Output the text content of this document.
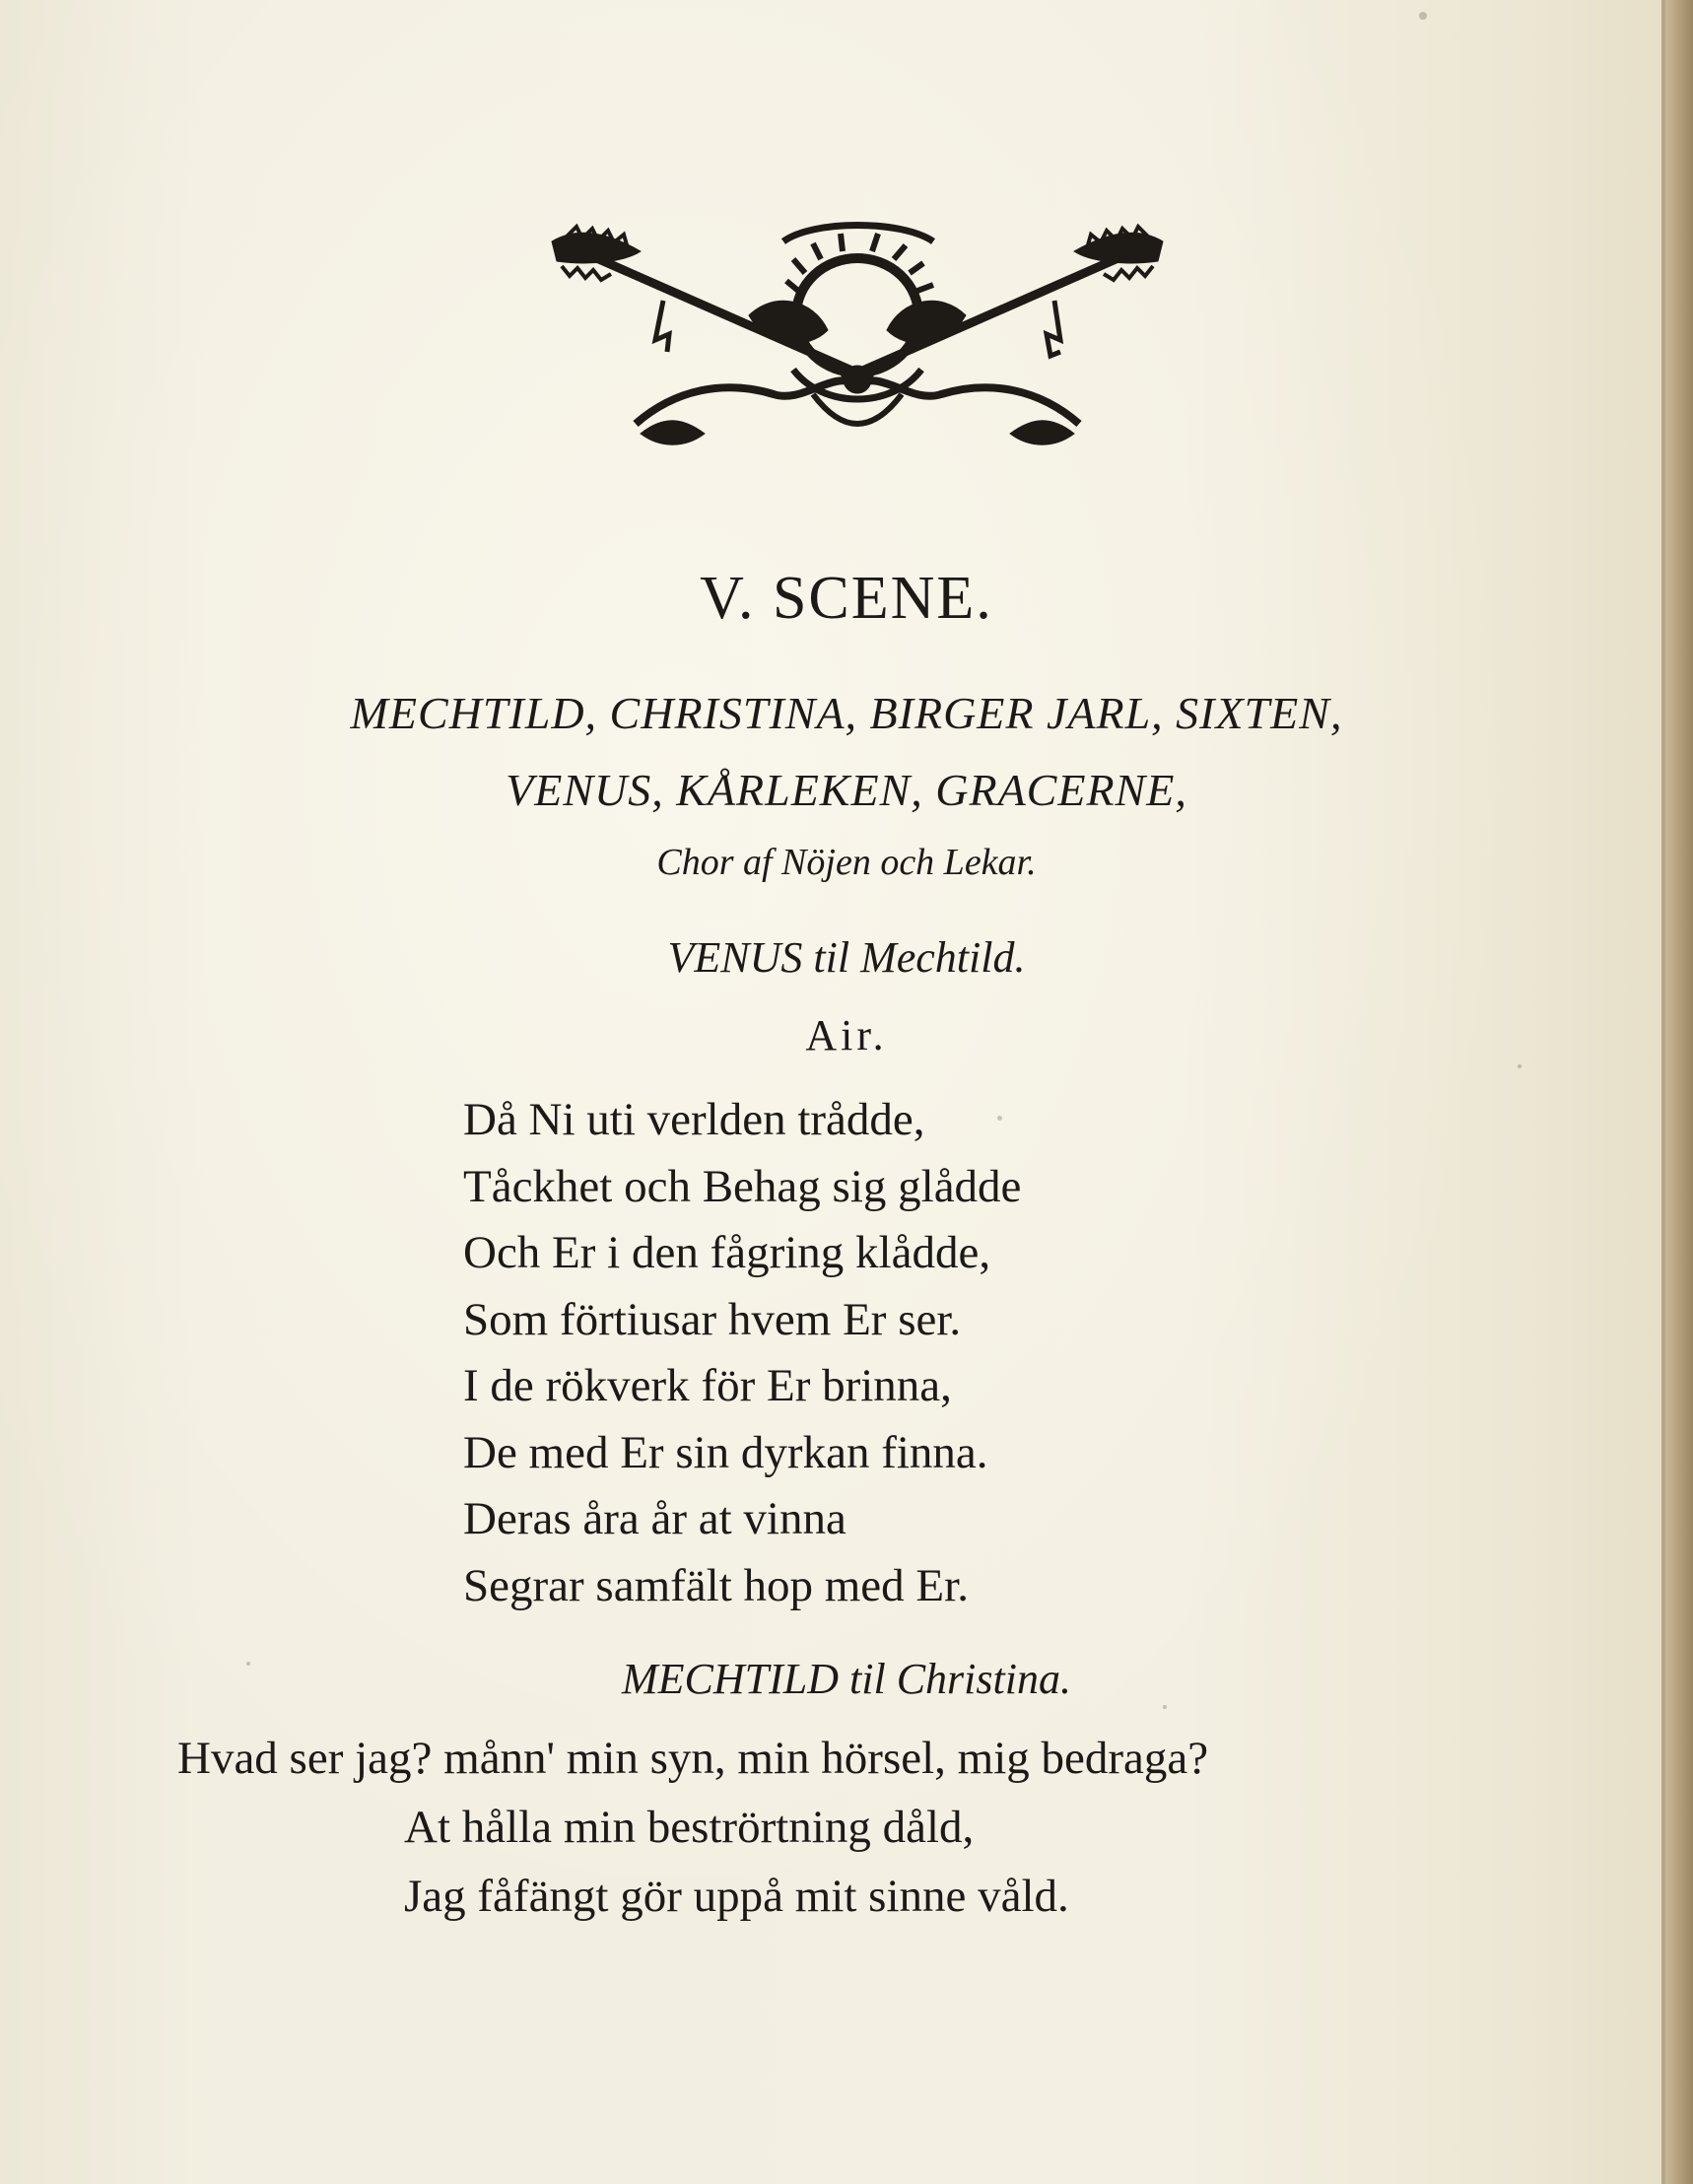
V. SCENE.
MECHTILD, CHRISTINA, BIRGER JARL, SIXTEN,
VENUS, KÅRLEKEN, GRACERNE,
Chor af Nöjen och Lekar.
VENUS til Mechtild.
Air.
Då Ni uti verlden trådde,
Tåckhet och Behag sig glådde
Och Er i den fågring klådde,
Som förtiusar hvem Er ser.
I de rökverk för Er brinna,
De med Er sin dyrkan finna.
Deras åra år at vinna
Segrar samfält hop med Er.
MECHTILD til Christina.
Hvad ser jag? månn' min syn, min hörsel, mig bedraga?
At hålla min beströrtning dåld,
Jag fåfängt gör uppå mit sinne våld.
